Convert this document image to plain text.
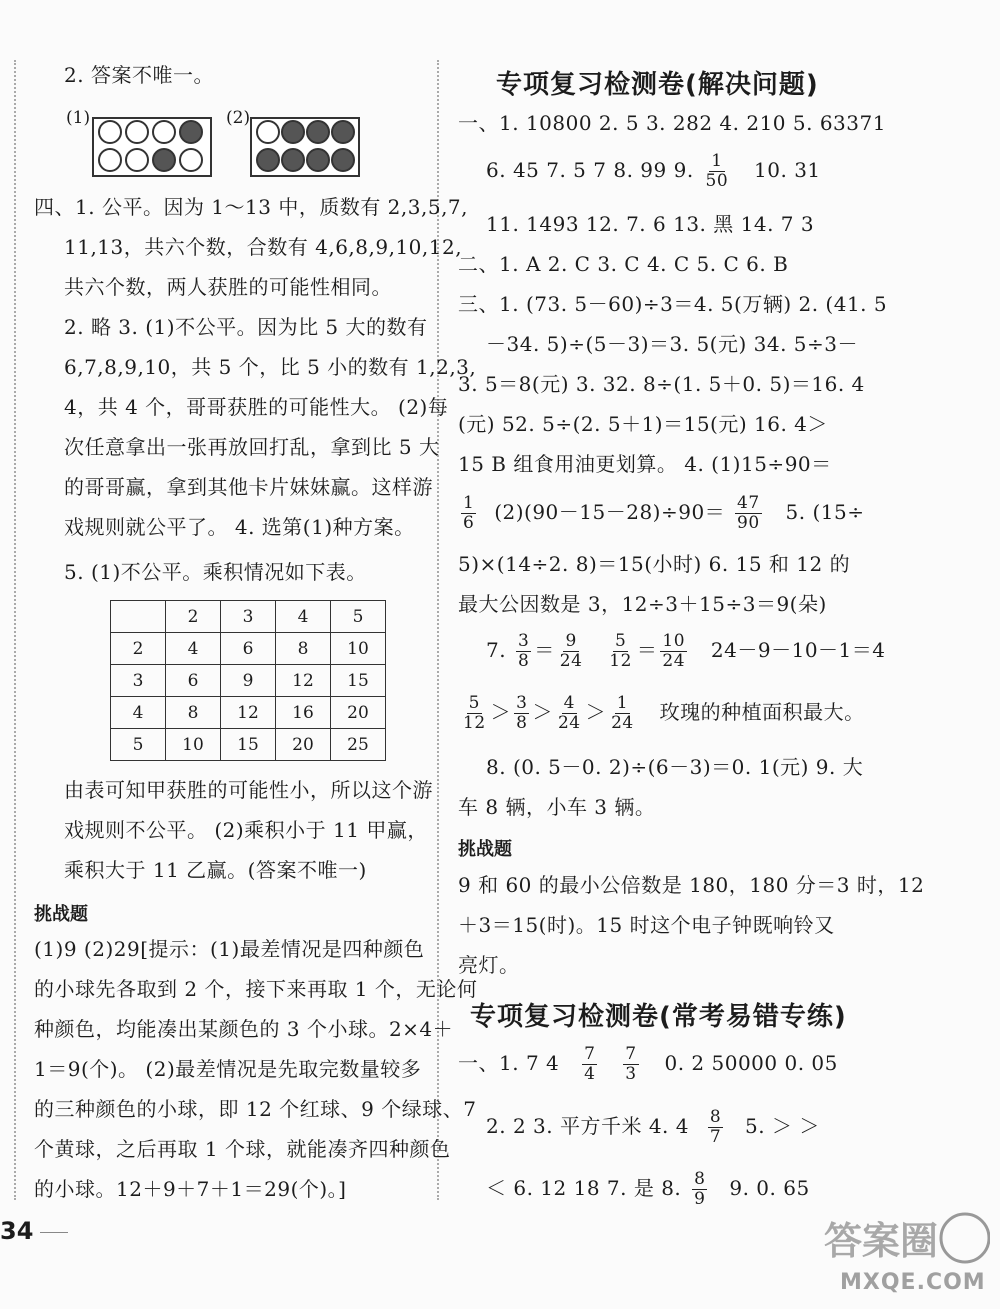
2. 答案不唯一。
(1)	(2)
四、1. 公平。因为 1～13 中，质数有 2,3,5,7,
11,13，共六个数，合数有 4,6,8,9,10,12,
共六个数，两人获胜的可能性相同。
2. 略 3. (1)不公平。因为比 5 大的数有
6,7,8,9,10，共 5 个，比 5 小的数有 1,2,3,
4，共 4 个，哥哥获胜的可能性大。 (2)每
次任意拿出一张再放回打乱，拿到比 5 大
的哥哥赢，拿到其他卡片妹妹赢。这样游
戏规则就公平了。 4. 选第(1)种方案。
5. (1)不公平。乘积情况如下表。
	2	3	4	5
2	4	6	8	10
3	6	9	12	15
4	8	12	16	20
5	10	15	20	25
由表可知甲获胜的可能性小，所以这个游
戏规则不公平。 (2)乘积小于 11 甲赢，
乘积大于 11 乙赢。(答案不唯一)
挑战题
(1)9 (2)29[提示：(1)最差情况是四种颜色
的小球先各取到 2 个，接下来再取 1 个，无论何
种颜色，均能凑出某颜色的 3 个小球。2×4＋
1＝9(个)。 (2)最差情况是先取完数量较多
的三种颜色的小球，即 12 个红球、9 个绿球、7
个黄球，之后再取 1 个球，就能凑齐四种颜色
的小球。12＋9＋7＋1＝29(个)。]
34
专项复习检测卷(解决问题)
一、1. 10800 2. 5 3. 282 4. 210 5. 63371
6. 45 7. 5 7 8. 99 9. $\frac{1}{50} 10$. 31
11. 1493 12. 7. 6 13. 黑 14. 7 3
二、1. A 2. C 3. C 4. C 5. C 6. B
三、1. (73. 5－60)÷3＝4. 5(万辆) 2. (41. 5
－34. 5)÷(5－3)＝3. 5(元) 34. 5÷3－
3. 5＝8(元) 3. 32. 8÷(1. 5＋0. 5)＝16. 4
(元) 52. 5÷(2. 5＋1)＝15(元) 16. 4＞
15 B 组食用油更划算。 4. (1)15÷90＝
$\frac{1}{6} (2)(90-15-28)\div 90= \frac{47}{90} 5$. (15÷
5)×(14÷2. 8)＝15(小时) 6. 15 和 12 的
最大公因数是 3，12÷3＋15÷3＝9(朵)
7. $\frac{3}{8} = \frac{9}{24}$
$\frac{5}{12} = \frac{10}{24} 24-9-10-1=4$
$\frac{5}{12} > \frac{3}{8} > \frac{4}{24} > \frac{1}{24}$ 玫瑰的种植面积最大。
8. (0. 5－0. 2)÷(6－3)＝0. 1(元) 9. 大
车 8 辆，小车 3 辆。
挑战题
9 和 60 的最小公倍数是 180，180 分＝3 时，12
＋3＝15(时)。15 时这个电子钟既响铃又
亮灯。
专项复习检测卷(常考易错专练)
一、1. 7 $4 \frac{7}{4}$
$\frac{7}{3} 0$. 2 50000 0. 05
2. 2 3. 平方千米 4. $4 \frac{8}{7} 5$. ＞ ＞
＜ 6. 12 18 7. 是 8. $\frac{8}{9} 9$. 0. 65
答案圈
MXQE.COM
